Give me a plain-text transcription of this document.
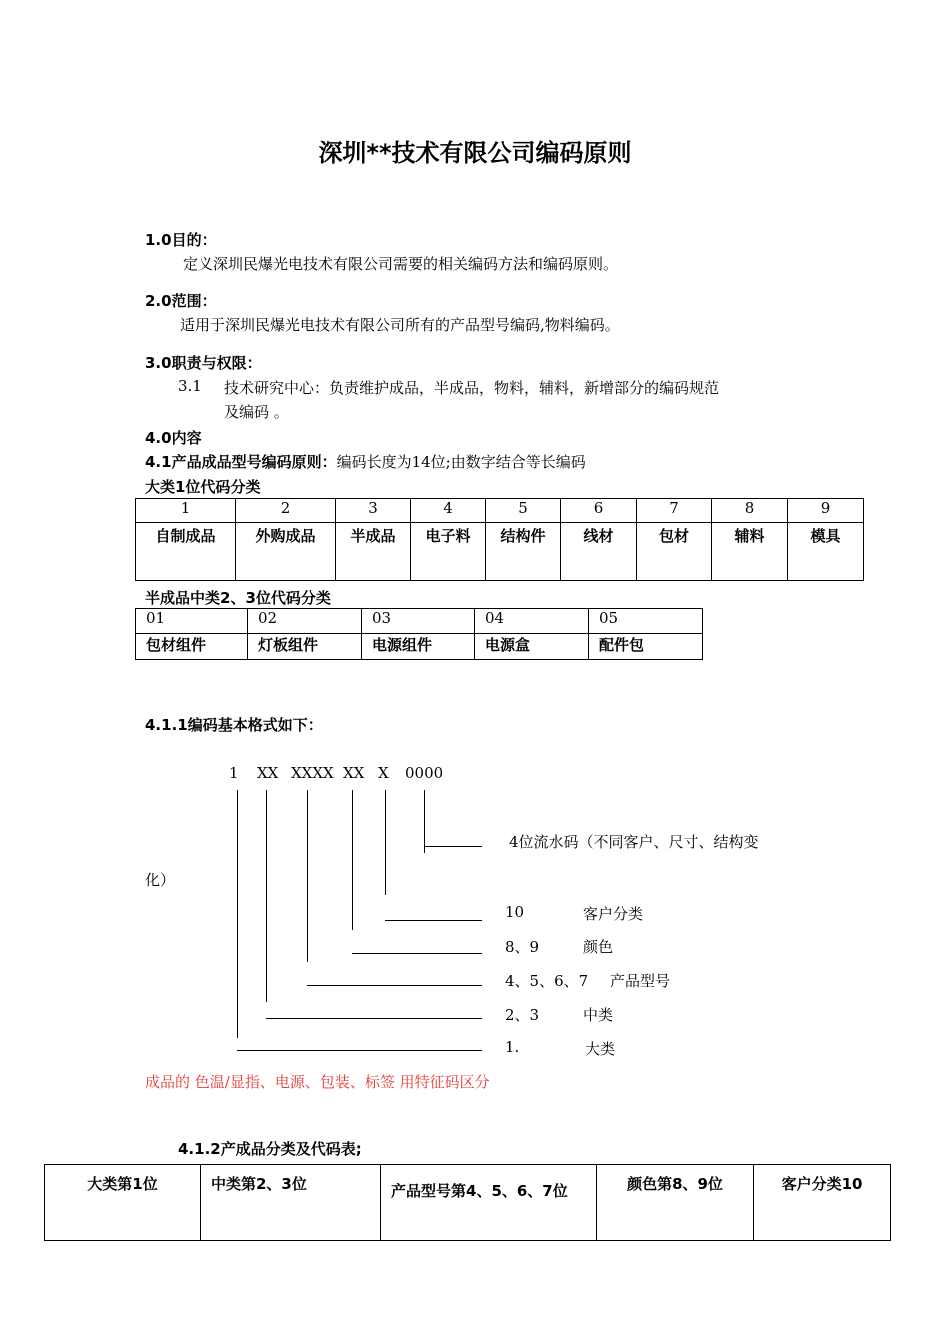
深圳**技术有限公司编码原则
1.0目的：
定义深圳民爆光电技术有限公司需要的相关编码方法和编码原则。
2.0范围：
适用于深圳民爆光电技术有限公司所有的产品型号编码,物料编码。
3.0职责与权限：
3.1 技术研究中心：负责维护成品，半成品，物料，辅料，新增部分的编码规范
及编码 。
4.0内容
4.1产品成品型号编码原则：编码长度为14位;由数字结合等长编码
大类1位代码分类
1	2	3	4	5	6	7	8	9
自制成品	外购成品	半成品	电子料	结构件	线材	包材	辅料	模具
半成品中类2、3位代码分类
01	02	03	04	05
包材组件	灯板组件	电源组件	电源盒	配件包
4.1.1编码基本格式如下：
1 XX XXXX XX X 0000
4位流水码（不同客户、尺寸、结构变
化）
10	客户分类
8、9	颜色
4、5、6、7 产品型号
2、3	中类
1.	大类
成品的 色温/显指、电源、包装、标签 用特征码区分
4.1.2产成品分类及代码表;
大类第1位	中类第2、3位	产品型号第4、5、6、7位	颜色第8、9位	客户分类10
